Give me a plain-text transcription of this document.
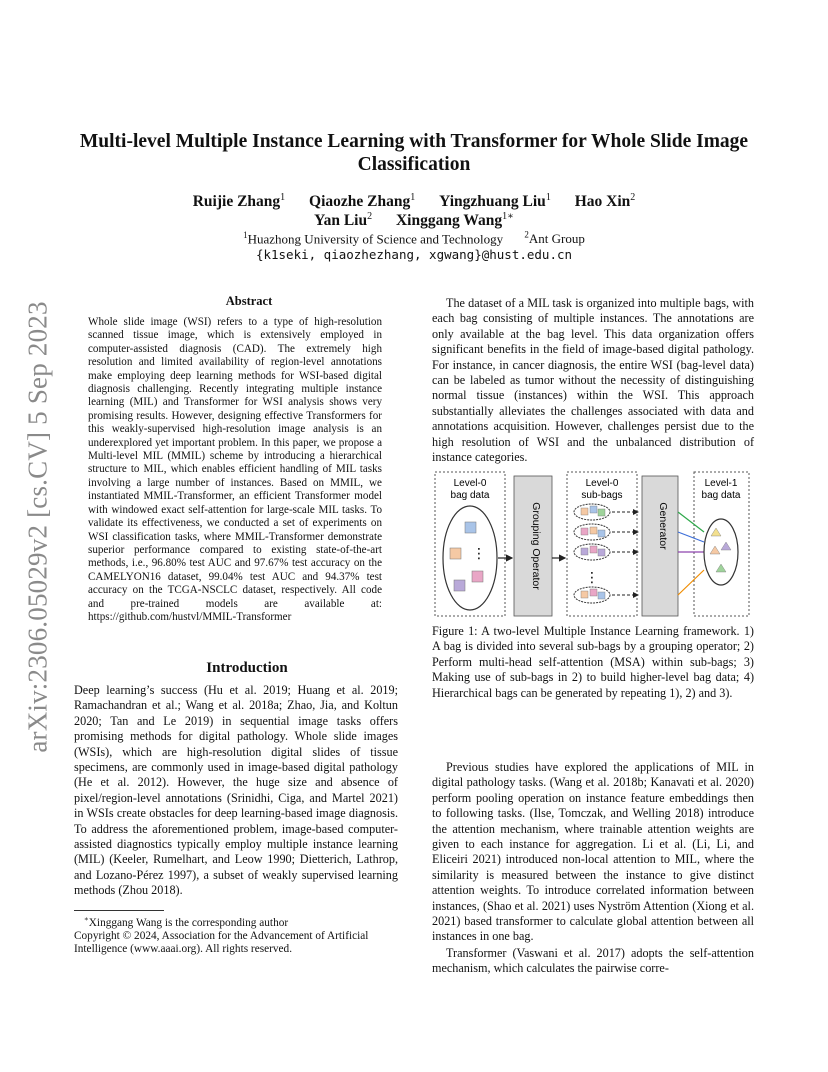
arXiv:2306.05029v2 [cs.CV] 5 Sep 2023
Multi-level Multiple Instance Learning with Transformer for Whole Slide Image Classification
Ruijie Zhang$^1$ Qiaozhe Zhang$^1$ Yingzhuang Liu$^1$ Hao Xin$^2$
Yan Liu$^2$ Xinggang Wang$^{1∗}$
$^1$Huazhong University of Science and Technology $^2$Ant Group
{k1seki, qiaozhezhang, xgwang}@hust.edu.cn
Abstract
Whole slide image (WSI) refers to a type of high-resolution scanned tissue image, which is extensively employed in computer-assisted diagnosis (CAD). The extremely high resolution and limited availability of region-level annotations make employing deep learning methods for WSI-based digital diagnosis challenging. Recently integrating multiple instance learning (MIL) and Transformer for WSI analysis shows very promising results. However, designing effective Transformers for this weakly-supervised high-resolution image analysis is an underexplored yet important problem. In this paper, we propose a Multi-level MIL (MMIL) scheme by introducing a hierarchical structure to MIL, which enables efficient handling of MIL tasks involving a large number of instances. Based on MMIL, we instantiated MMIL-Transformer, an efficient Transformer model with windowed exact self-attention for large-scale MIL tasks. To validate its effectiveness, we conducted a set of experiments on WSI classification tasks, where MMIL-Transformer demonstrate superior performance compared to existing state-of-the-art methods, i.e., 96.80% test AUC and 97.67% test accuracy on the CAMELYON16 dataset, 99.04% test AUC and 94.37% test accuracy on the TCGA-NSCLC dataset, respectively. All code and pre-trained models are available at: https://github.com/hustvl/MMIL-Transformer
Introduction

Deep learning’s success (Hu et al. 2019; Huang et al. 2019; Ramachandran et al.; Wang et al. 2018a; Zhao, Jia, and Koltun 2020; Tan and Le 2019) in sequential image tasks offers promising methods for digital pathology. Whole slide images (WSIs), which are high-resolution digital slides of tissue specimens, are commonly used in image-based digital pathology (He et al. 2012). However, the huge size and absence of pixel/region-level annotations (Srinidhi, Ciga, and Martel 2021) in WSIs create obstacles for deep learning-based image diagnosis. To address the aforementioned problem, image-based computer-assisted diagnostics typically employ multiple instance learning (MIL) (Keeler, Rumelhart, and Leow 1990; Dietterich, Lathrop, and Lozano-Pérez 1997), a subset of weakly supervised learning methods (Zhou 2018).

∗Xinggang Wang is the corresponding author
Copyright © 2024, Association for the Advancement of Artificial Intelligence (www.aaai.org). All rights reserved.

The dataset of a MIL task is organized into multiple bags, with each bag consisting of multiple instances. The annotations are only available at the bag level. This data organization offers significant benefits in the field of image-based digital pathology. For instance, in cancer diagnosis, the entire WSI (bag-level data) can be labeled as tumor without the necessity of distinguishing normal tissue (instances) within the WSI. This approach substantially alleviates the challenges associated with data and annotations acquisition. However, challenges persist due to the high resolution of WSI and the unbalanced distribution of instance categories.

Level-0
bag data
⋮	Grouping Operator
Level-0
sub-bags
⋮
Generator
Level-1
bag data
Figure 1: A two-level Multiple Instance Learning framework. 1) A bag is divided into several sub-bags by a grouping operator; 2) Perform multi-head self-attention (MSA) within sub-bags; 3) Making use of sub-bags in 2) to build higher-level bag data; 4) Hierarchical bags can be generated by repeating 1), 2) and 3).

Previous studies have explored the applications of MIL in digital pathology tasks. (Wang et al. 2018b; Kanavati et al. 2020) perform pooling operation on instance feature embeddings then to following tasks. (Ilse, Tomczak, and Welling 2018) introduce the attention mechanism, where trainable attention weights are given to each instance for aggregation. Li et al. (Li, Li, and Eliceiri 2021) introduced non-local attention to MIL, where the similarity is measured between the instance to give distinct attention weights. To introduce correlated information between instances, (Shao et al. 2021) uses Nyström Attention (Xiong et al. 2021) based transformer to calculate global attention between all instances in one bag.

Transformer (Vaswani et al. 2017) adopts the self-attention mechanism, which calculates the pairwise corre-
